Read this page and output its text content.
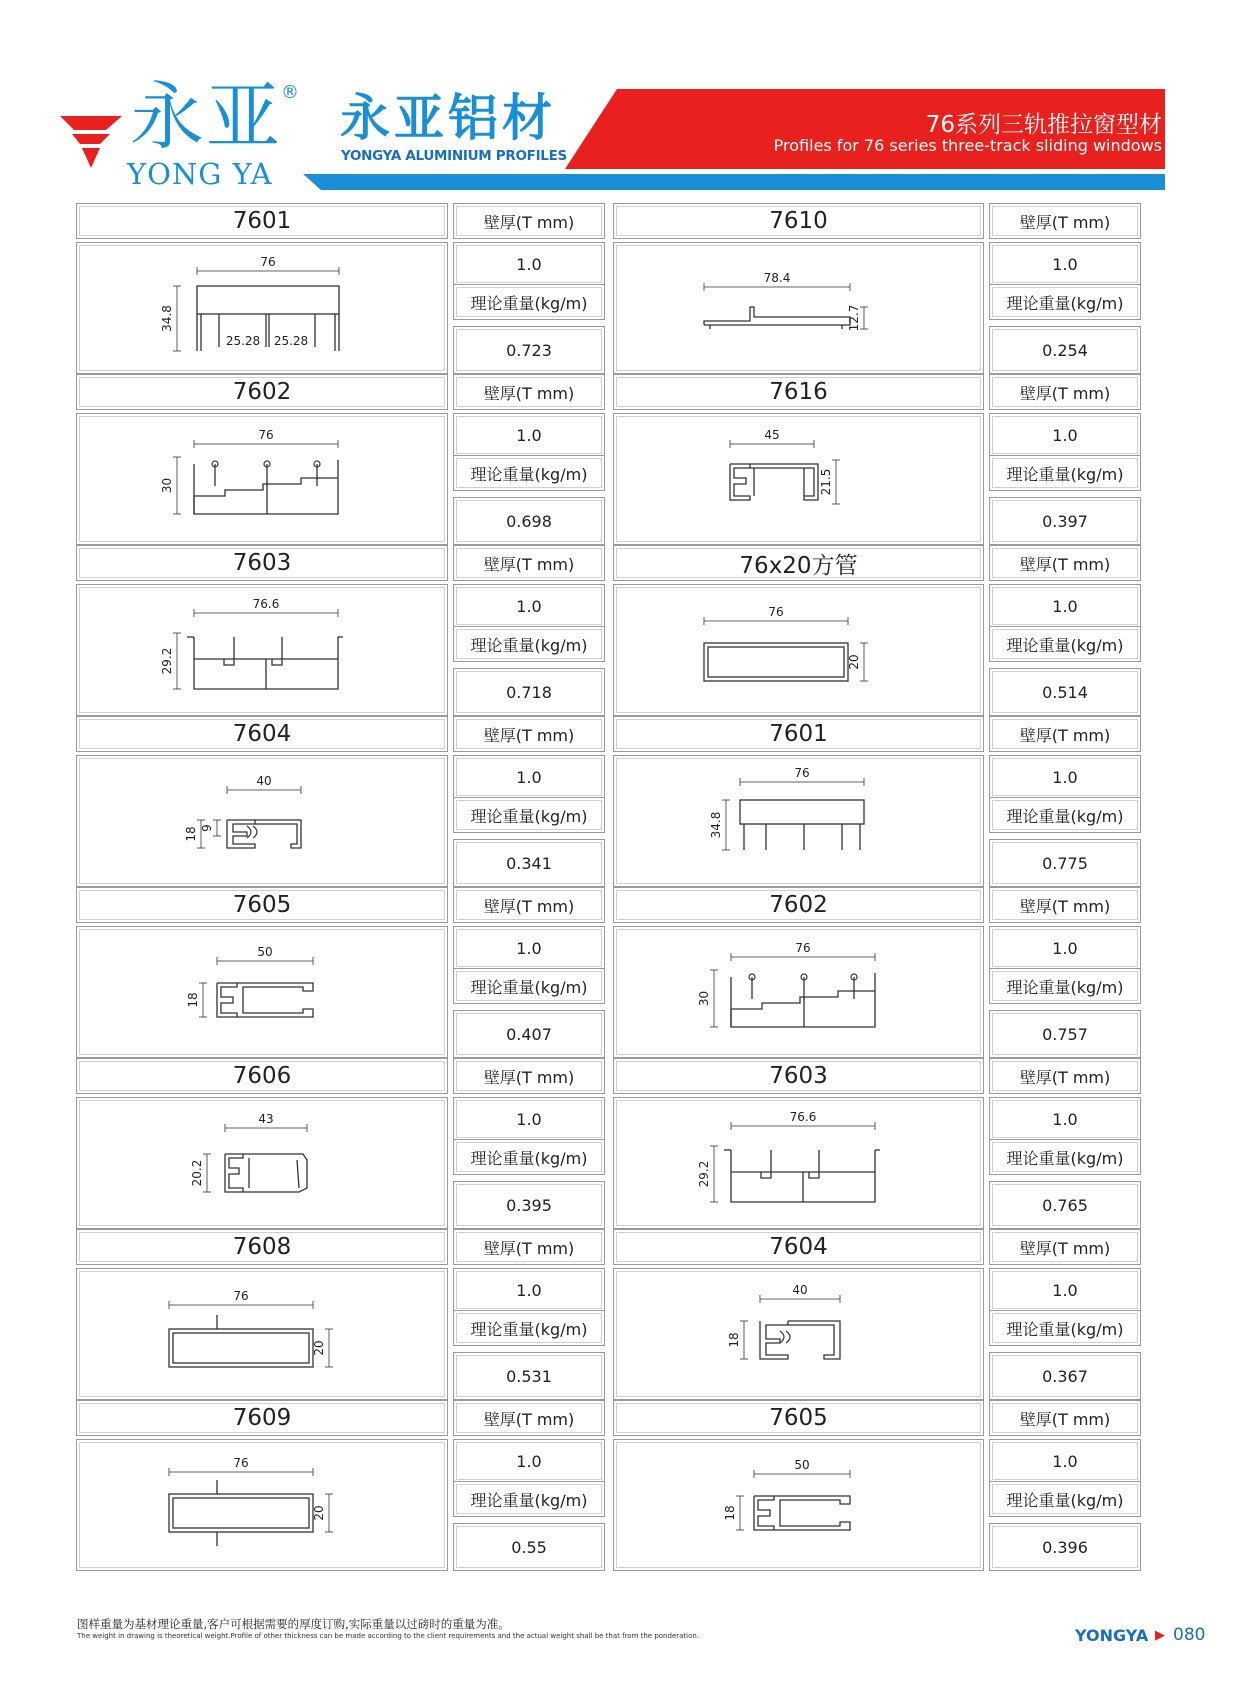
永亚 ®
YONG YA
永亚铝材
YONGYA ALUMINIUM PROFILES
76系列三轨推拉窗型材
Profiles for 76 series three-track sliding windows
7601	壁厚(T mm)
76
34.8
25.28 25.28
1.0
理论重量(kg/m)
0.723
7610	壁厚(T mm)
78.4
12.7
1.0
理论重量(kg/m)
0.254
7602	壁厚(T mm)
76
30
1.0
理论重量(kg/m)
0.698
7616	壁厚(T mm)
45
21.5
1.0
理论重量(kg/m)
0.397
7603	壁厚(T mm)
76.6
29.2
1.0
理论重量(kg/m)
0.718
76x20方管	壁厚(T mm)
76
20
1.0
理论重量(kg/m)
0.514
7604	壁厚(T mm)
40
18 9
1.0
理论重量(kg/m)
0.341
7601	壁厚(T mm)
76
34.8
1.0
理论重量(kg/m)
0.775
7605	壁厚(T mm)
50
18
1.0
理论重量(kg/m)
0.407
7602	壁厚(T mm)
76
30
1.0
理论重量(kg/m)
0.757
7606	壁厚(T mm)
43
20.2
1.0
理论重量(kg/m)
0.395
7603	壁厚(T mm)
76.6
29.2
1.0
理论重量(kg/m)
0.765
7608	壁厚(T mm)
76
20
1.0
理论重量(kg/m)
0.531
7604	壁厚(T mm)
40
18
1.0
理论重量(kg/m)
0.367
7609	壁厚(T mm)
76
20
1.0
理论重量(kg/m)
0.55
7605	壁厚(T mm)
50
18
1.0
理论重量(kg/m)
0.396
图样重量为基材理论重量,客户可根据需要的厚度订购,实际重量以过磅时的重量为准。
The weight in drawing is theoretical weight.Profile of other thickness can be made according to the client requirements and the actual weight shall be that from the ponderation.	YONGYA ▶ 080
